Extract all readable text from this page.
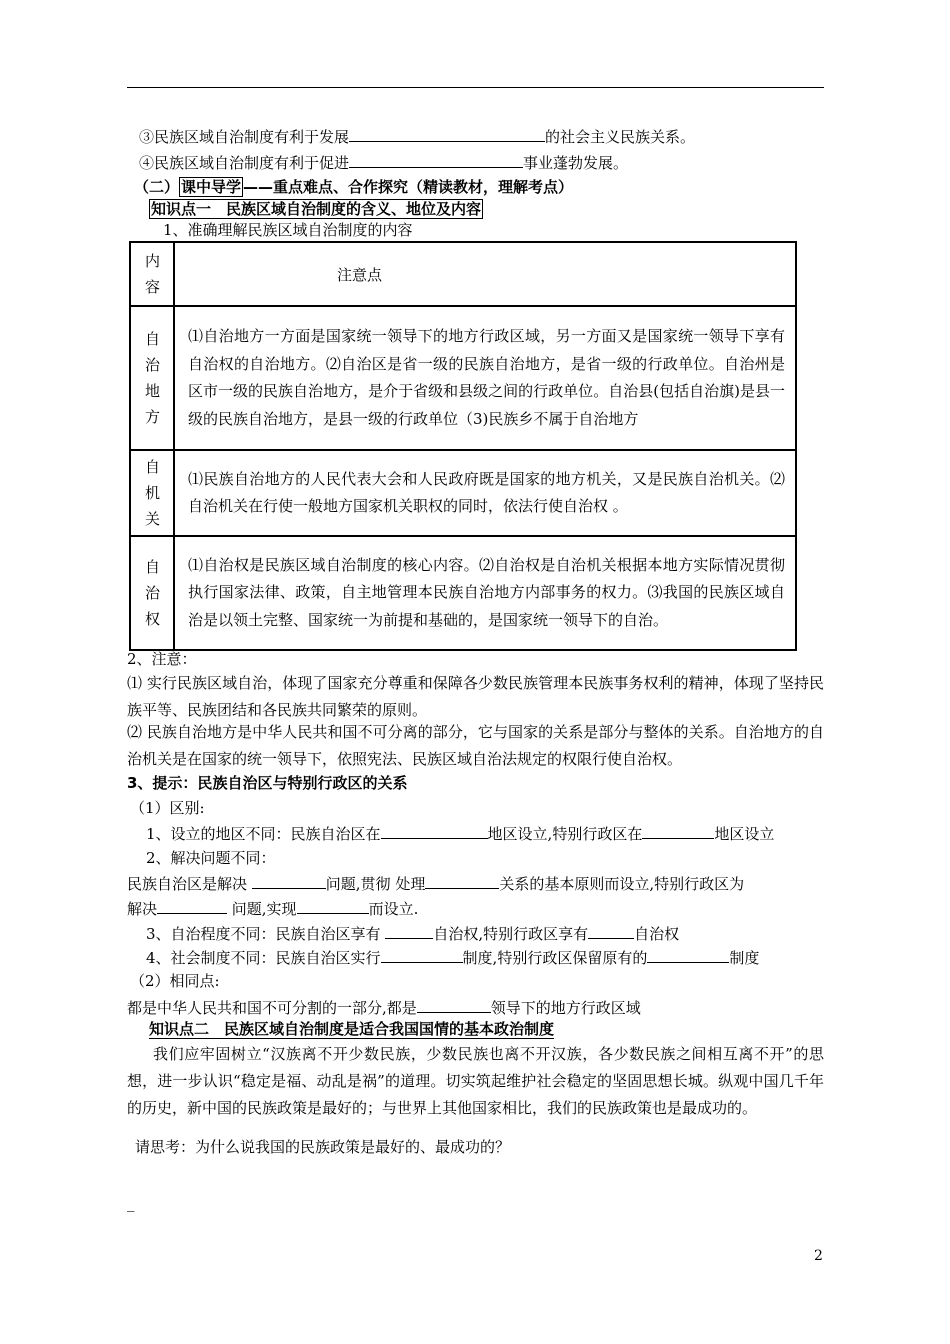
③民族区域自治制度有利于发展	的社会主义民族关系。
④民族区域自治制度有利于促进	事业蓬勃发展。
（二） 课中导学 ——重点难点、合作探究（精读教材，理解考点）
知识点一　民族区域自治制度的含义、地位及内容
1、准确理解民族区域自治制度的内容
内容	注意点

自治地方	⑴自治地方一方面是国家统一领导下的地方行政区域，另一方面又是国家统一领导下享有自治权的自治地方。⑵自治区是省一级的民族自治地方，是省一级的行政单位。自治州是区市一级的民族自治地方，是介于省级和县级之间的行政单位。自治县(包括自治旗)是县一级的民族自治地方，是县一级的行政单位（3)民族乡不属于自治地方

自机关	⑴民族自治地方的人民代表大会和人民政府既是国家的地方机关，又是民族自治机关。⑵自治机关在行使一般地方国家机关职权的同时，依法行使自治权 。

自治权	⑴自治权是民族区域自治制度的核心内容。⑵自治权是自治机关根据本地方实际情况贯彻执行国家法律、政策，自主地管理本民族自治地方内部事务的权力。⑶我国的民族区域自治是以领土完整、国家统一为前提和基础的，是国家统一领导下的自治。
2、注意：
⑴ 实行民族区域自治，体现了国家充分尊重和保障各少数民族管理本民族事务权利的精神，体现了坚持民族平等、民族团结和各民族共同繁荣的原则。
⑵ 民族自治地方是中华人民共和国不可分离的部分，它与国家的关系是部分与整体的关系。自治地方的自治机关是在国家的统一领导下，依照宪法、民族区域自治法规定的权限行使自治权。
3、提示：民族自治区与特别行政区的关系
（1）区别:
1、设立的地区不同：民族自治区在	地区设立,特别行政区在	地区设立
2、解决问题不同：
民族自治区是解决	问题,贯彻 处理	关系的基本原则而设立,特别行政区为
解决	问题,实现	而设立.
3、自治程度不同：民族自治区享有	自治权,特别行政区享有	自治权
4、社会制度不同：民族自治区实行	制度,特别行政区保留原有的	制度
（2）相同点:
都是中华人民共和国不可分割的一部分,都是	领导下的地方行政区域
知识点二　民族区域自治制度是适合我国国情的基本政治制度
我们应牢固树立“汉族离不开少数民族，少数民族也离不开汉族，各少数民族之间相互离不开”的思想，进一步认识“稳定是福、动乱是祸”的道理。切实筑起维护社会稳定的坚固思想长城。纵观中国几千年的历史，新中国的民族政策是最好的；与世界上其他国家相比，我们的民族政策也是最成功的。
请思考：为什么说我国的民族政策是最好的、最成功的？
_
2
